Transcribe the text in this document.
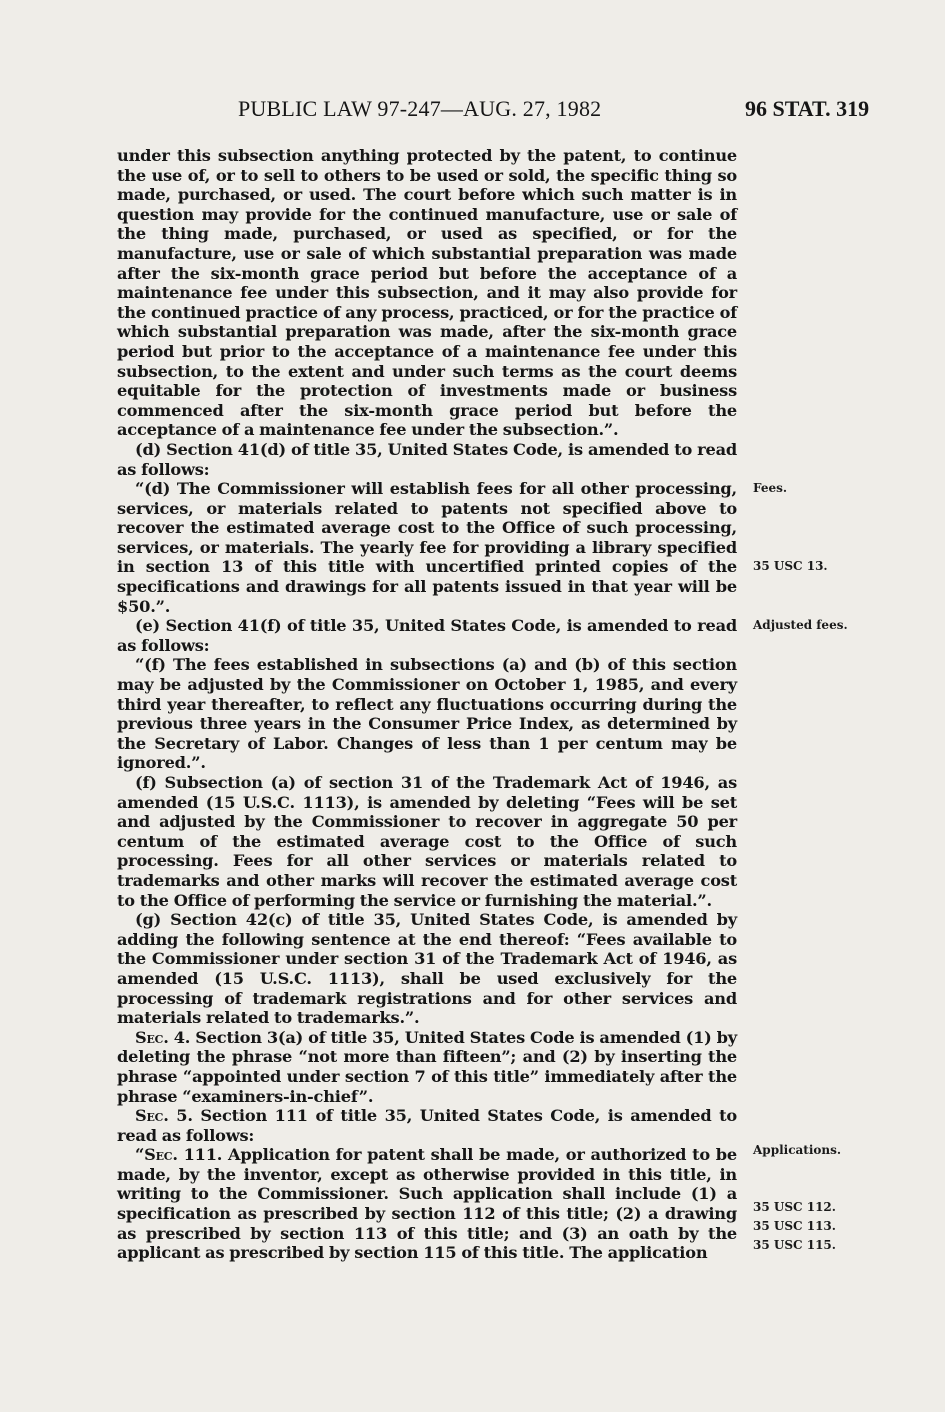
PUBLIC LAW 97-247—AUG. 27, 1982	96 STAT. 319

under this subsection anything protected by the patent, to continue the use of, or to sell to others to be used or sold, the specific thing so made, purchased, or used. The court before which such matter is in question may provide for the continued manufacture, use or sale of the thing made, purchased, or used as specified, or for the manufacture, use or sale of which substantial preparation was made after the six-month grace period but before the acceptance of a maintenance fee under this subsection, and it may also provide for the continued practice of any process, practiced, or for the practice of which substantial preparation was made, after the six-month grace period but prior to the acceptance of a maintenance fee under this subsection, to the extent and under such terms as the court deems equitable for the protection of investments made or business commenced after the six-month grace period but before the acceptance of a maintenance fee under the subsection.”.

(d) Section 41(d) of title 35, United States Code, is amended to read as follows:

“(d) The Commissioner will establish fees for all other processing, services, or materials related to patents not specified above to recover the estimated average cost to the Office of such processing, services, or materials. The yearly fee for providing a library specified in section 13 of this title with uncertified printed copies of the specifications and drawings for all patents issued in that year will be $50.”.

(e) Section 41(f) of title 35, United States Code, is amended to read as follows:

“(f) The fees established in subsections (a) and (b) of this section may be adjusted by the Commissioner on October 1, 1985, and every third year thereafter, to reflect any fluctuations occurring during the previous three years in the Consumer Price Index, as determined by the Secretary of Labor. Changes of less than 1 per centum may be ignored.”.

(f) Subsection (a) of section 31 of the Trademark Act of 1946, as amended (15 U.S.C. 1113), is amended by deleting “Fees will be set and adjusted by the Commissioner to recover in aggregate 50 per centum of the estimated average cost to the Office of such processing. Fees for all other services or materials related to trademarks and other marks will recover the estimated average cost to the Office of performing the service or furnishing the material.”.

(g) Section 42(c) of title 35, United States Code, is amended by adding the following sentence at the end thereof: “Fees available to the Commissioner under section 31 of the Trademark Act of 1946, as amended (15 U.S.C. 1113), shall be used exclusively for the processing of trademark registrations and for other services and materials related to trademarks.”.

Sec. 4. Section 3(a) of title 35, United States Code is amended (1) by deleting the phrase “not more than fifteen”; and (2) by inserting the phrase “appointed under section 7 of this title” immediately after the phrase “examiners-in-chief”.

Sec. 5. Section 111 of title 35, United States Code, is amended to read as follows:

“Sec. 111. Application for patent shall be made, or authorized to be made, by the inventor, except as otherwise provided in this title, in writing to the Commissioner. Such application shall include (1) a specification as prescribed by section 112 of this title; (2) a drawing as prescribed by section 113 of this title; and (3) an oath by the applicant as prescribed by section 115 of this title. The application

Fees.
35 USC 13.
Adjusted fees.
Applications.
35 USC 112.
35 USC 113.
35 USC 115.
